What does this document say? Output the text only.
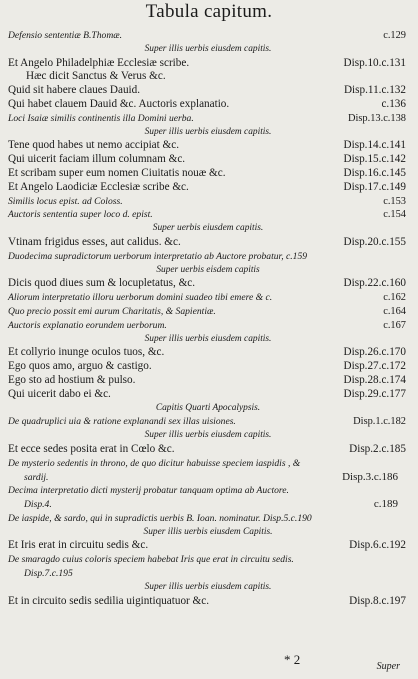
Tabula capitum.
Defensio sententiæ B.Thomæ.	c.129
Super illis uerbis eiusdem capitis.
Et Angelo Philadelphiæ Ecclesiæ scribe.	Disp.10.c.131
Hæc dicit Sanctus & Verus &c.
Quid sit habere claues Dauid.	Disp.11.c.132
Qui habet clauem Dauid &c. Auctoris explanatio.	c.136
Loci Isaiæ similis continentis illa Domini uerba.	Disp.13.c.138
Super illis uerbis eiusdem capitis.
Tene quod habes ut nemo accipiat &c.	Disp.14.c.141
Qui uicerit faciam illum columnam &c.	Disp.15.c.142
Et scribam super eum nomen Ciuitatis nouæ &c.	Disp.16.c.145
Et Angelo Laodiciæ Ecclesiæ scribe &c.	Disp.17.c.149
Similis locus epist. ad Coloss.	c.153
Auctoris sententia super loco d. epist.	c.154
Super uerbis eiusdem capitis.
Vtinam frigidus esses, aut calidus. &c.	Disp.20.c.155
Duodecima supradictorum uerborum interpretatio ab Auctore probatur, c.159
Super uerbis eisdem capitis
Dicis quod diues sum & locupletatus, &c.	Disp.22.c.160
Aliorum interpretatio illoru uerborum domini suadeo tibi emere & c.	c.162
Quo precio possit emi aurum Charitatis, & Sapientiæ.	c.164
Auctoris explanatio eorundem uerborum.	c.167
Super illis uerbis eiusdem capitis.
Et collyrio inunge oculos tuos, &c.	Disp.26.c.170
Ego quos amo, arguo & castigo.	Disp.27.c.172
Ego sto ad hostium & pulso.	Disp.28.c.174
Qui uicerit dabo ei &c.	Disp.29.c.177
Capitis Quarti Apocalypsis.
De quadruplici uia & ratione explanandi sex illas uisiones.	Disp.1.c.182
Super illis uerbis eiusdem capitis.
Et ecce sedes posita erat in Cœlo &c.	Disp.2.c.185
De mysterio sedentis in throno, de quo dicitur habuisse speciem iaspidis , &
sardij.	Disp.3.c.186
Decima interpretatio dicti mysterij probatur tanquam optima ab Auctore.
Disp.4.	c.189
De iaspide, & sardo, qui in supradictis uerbis B. Ioan. nominatur. Disp.5.c.190
Super illis uerbis eiusdem Capitis.
Et Iris erat in circuitu sedis &c.	Disp.6.c.192
De smaragdo cuius coloris speciem habebat Iris que erat in circuitu sedis.
Disp.7.c.195
Super illis uerbis eiusdem capitis.
Et in circuito sedis sedilia uigintiquatuor &c.	Disp.8.c.197
* 2	Super
